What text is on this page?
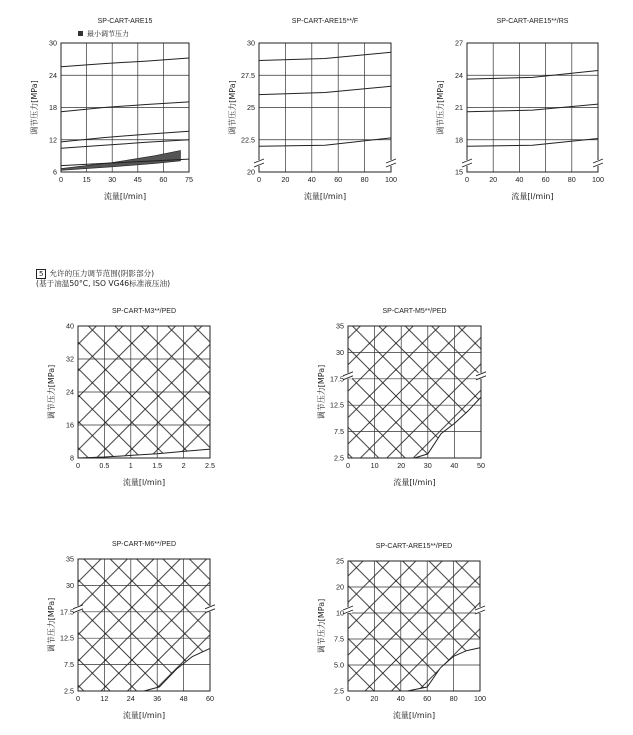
30
24
18
12
6
0	15 30 45 60 75
SP-CART-ARE15
最小调节压力
流量[l/min]
调节压力[MPa]
30
27.5
25
22.5
20
0	20	40	60	80 100
SP-CART-ARE15**/F
流量[l/min]
调节压力[MPa]
27
24
21
18
15
0	20	40	60	80 100
SP-CART-ARE15**/RS
流量[l/min]
调节压力[MPa]
40
32
24
16
8
0	0.5	1	1.5	2	2.5
SP-CART-M3**/PED
流量[l/min]
调节压力[MPa]
35
30
17.5
12.5
7.5
2.5
0	10	20	30	40	50
SP-CART-M5**/PED
流量[l/min]
调节压力[MPa]
35
30
17.5
12.5
7.5
2.5
0	12	24	36	48	60
SP-CART-M6**/PED
流量[l/min]
调节压力[MPa]
25
20
10
7.5
5.0
2.5
0	20	40	60	80 100
SP-CART-ARE15**/PED
流量[l/min]
调节压力[MPa]
5 允许的压力调节范围(阴影部分)
(基于油温50°C, ISO VG46标准液压油)
